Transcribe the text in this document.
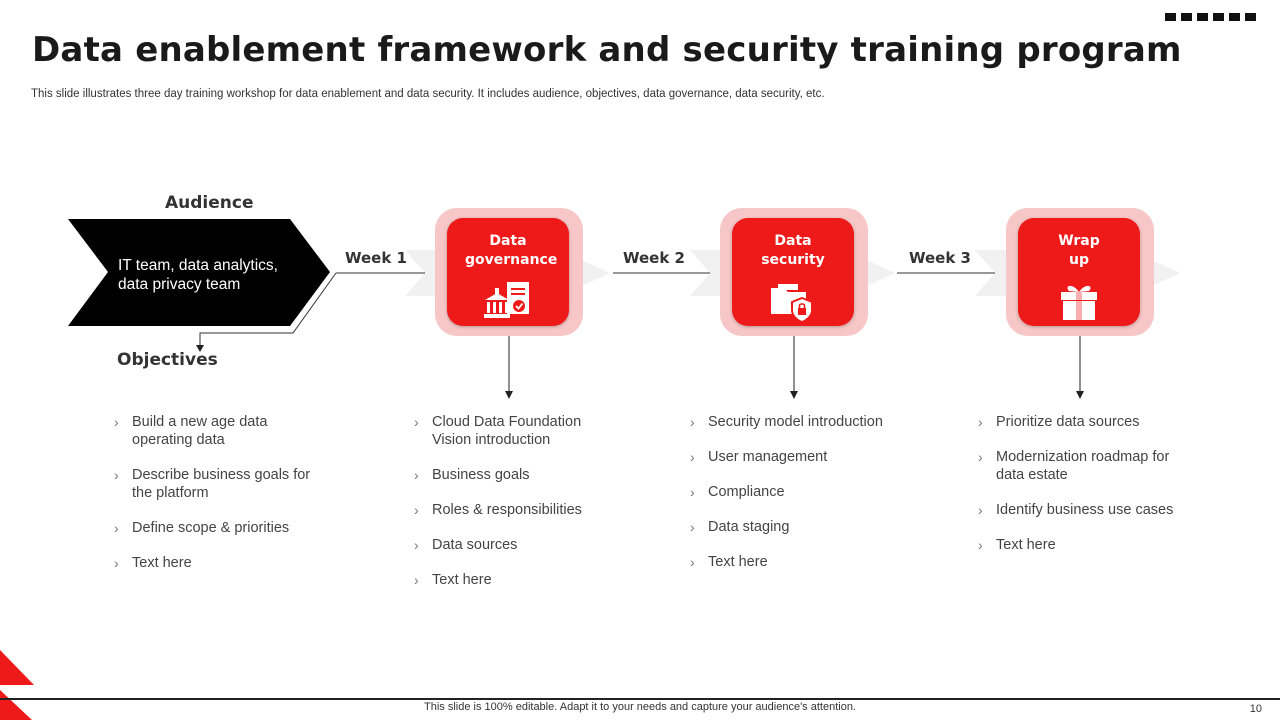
Data enablement framework and security training program
This slide illustrates three day training workshop for data enablement and data security. It includes audience, objectives, data governance, data security, etc.
Audience
IT team, data analytics, data privacy team
Objectives
Week 1	Week 2	Week 3
Data governance
Data security
Wrap up
› Build a new age data operating data
› Describe business goals for the platform
› Define scope & priorities
› Text here
› Cloud Data Foundation Vision introduction
› Business goals
› Roles & responsibilities
› Data sources
› Text here
› Security model introduction
› User management
› Compliance
› Data staging
› Text here
› Prioritize data sources
› Modernization roadmap for data estate
› Identify business use cases
› Text here
This slide is 100% editable. Adapt it to your needs and capture your audience's attention.	10
